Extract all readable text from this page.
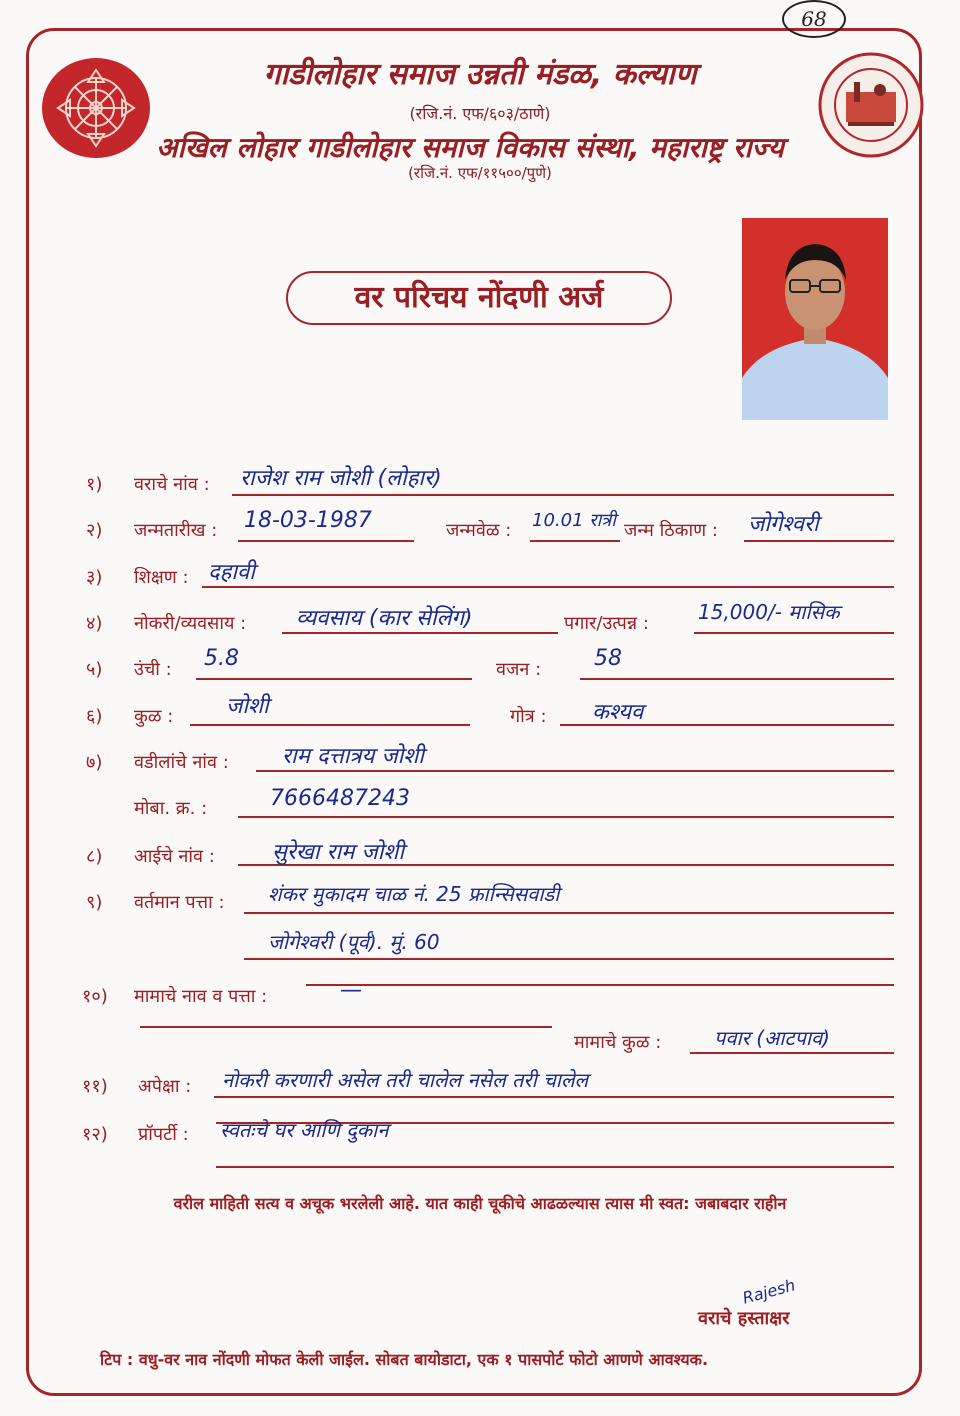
68
गाडीलोहार समाज उन्नती मंडळ, कल्याण
(रजि.नं. एफ/६०३/ठाणे)
अखिल लोहार गाडीलोहार समाज विकास संस्था, महाराष्ट्र राज्य
(रजि.नं. एफ/११५००/पुणे)
वर परिचय नोंदणी अर्ज
१) वराचे नांव : राजेश राम जोशी (लोहार)
२) जन्मतारीख : 18-03-1987	जन्मवेळ : 10.01 रात्री जन्म ठिकाण : जोगेश्वरी
३) शिक्षण : दहावी
४) नोकरी/व्यवसाय : व्यवसाय (कार सेलिंग)	पगार/उत्पन्न : 15,000/- मासिक
५) उंची : 5.8	वजन : 58
६) कुळ : जोशी	गोत्र : कश्यव
७) वडीलांचे नांव : राम दत्तात्रय जोशी
मोबा. क्र. :	7666487243
८) आईचे नांव :	सुरेखा राम जोशी
९) वर्तमान पत्ता : शंकर मुकादम चाळ नं. 25 फ्रान्सिसवाडी
जोगेश्वरी (पूर्व). मुं. 60
१०) मामाचे नाव व पत्ता :	—
मामाचे कुळ :	पवार (आटपाव)
११) अपेक्षा : नोकरी करणारी असेल तरी चालेल नसेल तरी चालेल
१२) प्रॉपर्टी : स्वतःचे घर आणि दुकान
वरील माहिती सत्य व अचूक भरलेली आहे. यात काही चूकीचे आढळल्यास त्यास मी स्वत: जबाबदार राहीन
Rajesh
वराचे हस्ताक्षर
टिप : वधु-वर नाव नोंदणी मोफत केली जाईल. सोबत बायोडाटा, एक १ पासपोर्ट फोटो आणणे आवश्यक.
